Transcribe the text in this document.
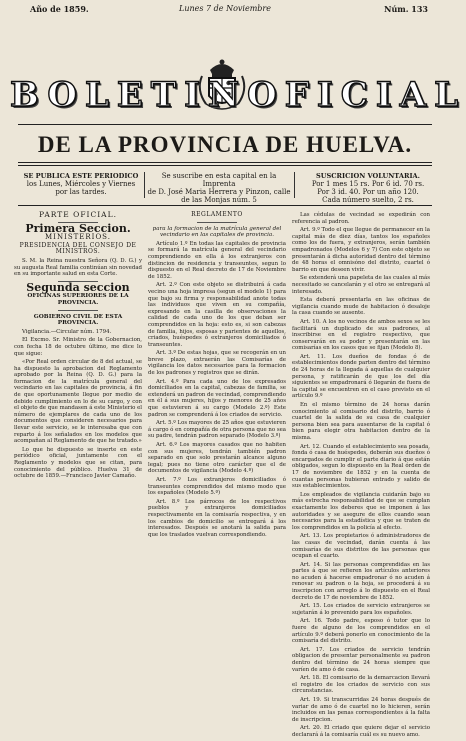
Año de 1859.	Lunes 7 de Noviembre	Núm. 133
BOLETIN OFICIAL
DE LA PROVINCIA DE HUELVA.
SE PUBLICA ESTE PERIODICO
los Lunes, Miércoles y Viernes
por las tardes.
Se suscribe en esta capital en la Imprenta
de D. José Maria Herrera y Pinzon, calle
de las Monjas núm. 5
SUSCRICION VOLUNTARIA.
Por 1 mes 15 rs. Por 6 id. 70 rs.
Por 3 id. 40. Por un año 120.
Cada número suelto, 2 rs.

PARTE OFICIAL.

Primera Seccion.

MINISTERIOS.

PRESIDENCIA DEL CONSEJO DE MINISTROS.

S. M. la Reina nuestra Señora (Q. D. G.) y su augusta Real familia continúan sin novedad en su importante salud en esta Corte.

Segunda seccion

OFICINAS SUPERIORES DE LA PROVINCIA.

GOBIERNO CIVIL DE ESTA PROVINCIA.

Vigilancia.—Circular núm. 1794.

El Excmo. Sr. Ministro de la Gobernacion, con fecha 18 de octubre último, me dice lo que sigue:

«Por Real orden circular de 8 del actual, se ha dispuesto la aprobacion del Reglamento aprobado por la Reina (Q. D. G.) para la formacion de la matrícula general del vecindario en las capitales de provincia, á fin de que oportunamente llegue por medio de debido cumplimiento en lo de su cargo, y con el objeto de que mandasen á este Ministerio el número de ejemplares de cada uno de los documentos que consideren necesarios para llevar este servicio, se le interesaba que con reparto á los señalados en los modelos que acompañan al Reglamento de que he tratado.»

Lo que he dispuesto se inserte en este periódico oficial, juntamente con el Reglamento y modelos que se citan, para conocimiento del público. Huelva 31 de octubre de 1859.—Francisco Javier Camaño.

REGLAMENTO

para la formacion de la matrícula general del vecindario en las capitales de provincia.

Artículo 1.º En todas las capitales de provincia se formará la matrícula general del vecindario comprendiendo en ella á los extranjeros con distincion de residencia y transeuntes, segun lo dispuesto en el Real decreto de 17 de Noviembre de 1852.

Art. 2.º Con este objeto se distribuirá á cada vecino una hoja impresa (segun el modelo 1) para que bajo su firma y responsabilidad anote todas las individuos que viven en su compañía, expresando en la casilla de observaciones la calidad de cada uno de los que deban ser comprendidos en la hoja: esto es, si son cabezas de familia, hijos, esposas y parientes de aquellos, criados, huéspedes ó extranjeros domiciliados ó transeuntes.

Art. 3.º De estas hojas, que se recogerán en un breve plazo, extraerán las Comisarías de vigilancia los datos necesarios para la formacion de los padrones y registros que se dirán.

Art. 4.º Para cada uno de los expresados domiciliados en la capital, cabezas de familia, se extenderá un padron de vecindad, comprendiendo en él á sus mujeres, hijos y menores de 25 años que estuvieren á su cargo (Modelo 2.º) Este padron se comprenderá á los criados de servicio.

Art. 5.º Los mayores de 25 años que estuvieren á cargo ó en compañía de otra persona que no sea su padre, tendrán padron separado (Modelo 3.º)

Art. 6.º Los mayores casados que no habiten con sus mujeres, tendrán también padron separado en que solo prestarán alcance alguno legal; pues no tiene otro carácter que el de documentos de vigilancia (Modelo 4.º)

Art. 7.º Los extranjeros domiciliados ó transeuntes comprendidos del mismo modo que los españoles (Modelo 5.º)

Art. 8.º Los párrocos de los respectivos pueblos y extranjeros domiciliados respectivamente en la comisaría respectiva, y en los cambios de domicilio se entregará á los interesados. Después se anotará la salida para que los traslados vuelvan correspondiendo.

Las cédulas de vecindad se expedirán con referencia al padron.

Art. 9.º Todo el que llegue de permanecer en la capital más de diez días, tantos los españoles como los de fuera, y extranjeros, serán también empadronados (Modelos 6 y 7) Con este objeto se presentarán á dicha autoridad dentro del término de 48 horas el omnisóno del distrito, cuartel ó barrio en que deseen vivir.

Se extenderá una papeleta de las cuales al más necesitado se cancelarán y el otro se entregará al interesado.

Esta deberá presentarla en las oficinas de vigilancia cuando mude de habitacion ó desaloje la casa cuando se ausente.

Art. 10. A los no vecinos de ambos sexos se les facilitará un duplicado de sus padrones, al inscribirse en el registro respectivo, que conservarán en su poder y presentarán en las comisarías en los casos que se fijan (Modelo 8).

Art. 11. Los dueños de fondas ó de establecimientos donde parten dentro del término de 24 horas de la llegada á aquellas de cualquier persona, y ratificarán de que los del día siguientes se empadronará ó llegarán de fuera de la capital se encuentren en el caso previsto en el artículo 9.º

En el mismo término de 24 horas darán conocimiento al comisario del distrito, barrio ó cuartel de la salida de su casa de cualquier persona bien sea para ausentarse de la capital ó bien para elegir otra habitacion dentro de la misma.

Art. 12. Cuando el establecimiento sea posada, fonda ó casa de huéspedes, deberán sus dueños ó encargados de cumplir el parte diario á que están obligados, segun lo dispuesto en la Real órden de 17 de noviembre de 1852 y en la cuenta de cuantas personas hubieran entrado y salido de sus establecimientos.

Los empleados de vigilancia cuidarán bajo su más estrecha responsabilidad de que se cumplan exactamente los deberes que se imponen á las autoridades y se asegure de ellos cuando sean necesarios para la estadística y que se traten de los comprendidos en la policía al efecto.

Art. 13. Los propietarios ó administradores de las casas de vecindad, darán cuenta á las comisarías de sus distritos de las personas que ocupan el cuarto.

Art. 14. Si las personas comprendidas en las partes á que se refieren los artículos anteriores no acuden á hacerse empadronar ó no acuden á renovar su padron o la hoja, se procederá á su inscripcion con arreglo á lo dispuesto en el Real decreto de 17 de noviembre de 1852.

Art. 15. Los criados de servicio extranjeros se sujetarán á lo prevenido para los españoles.

Art. 16. Todo padre, esposo ó tutor que lo fuere de alguno de los comprendidos en el artículo 9.º deberá ponerlo en conocimiento de la comisaría del distrito.

Art. 17. Los criados de servicio tendrán obligacion de presentar personalmente su padron dentro del término de 24 horas siempre que varíen de amo ó de casa.

Art. 18. El comisario de la demarcacion llevará el registro de los criados de servicio con sus circunstancias.

Art. 19. Si transcurridas 24 horas después de variar de amo ó de cuartel no lo hicieren, serán incluidos en las penas correspondientes á la falta de inscripcion.

Art. 20. El criado que quiere dejar el servicio declarará á la comisaría cuál es su nuevo amo.
